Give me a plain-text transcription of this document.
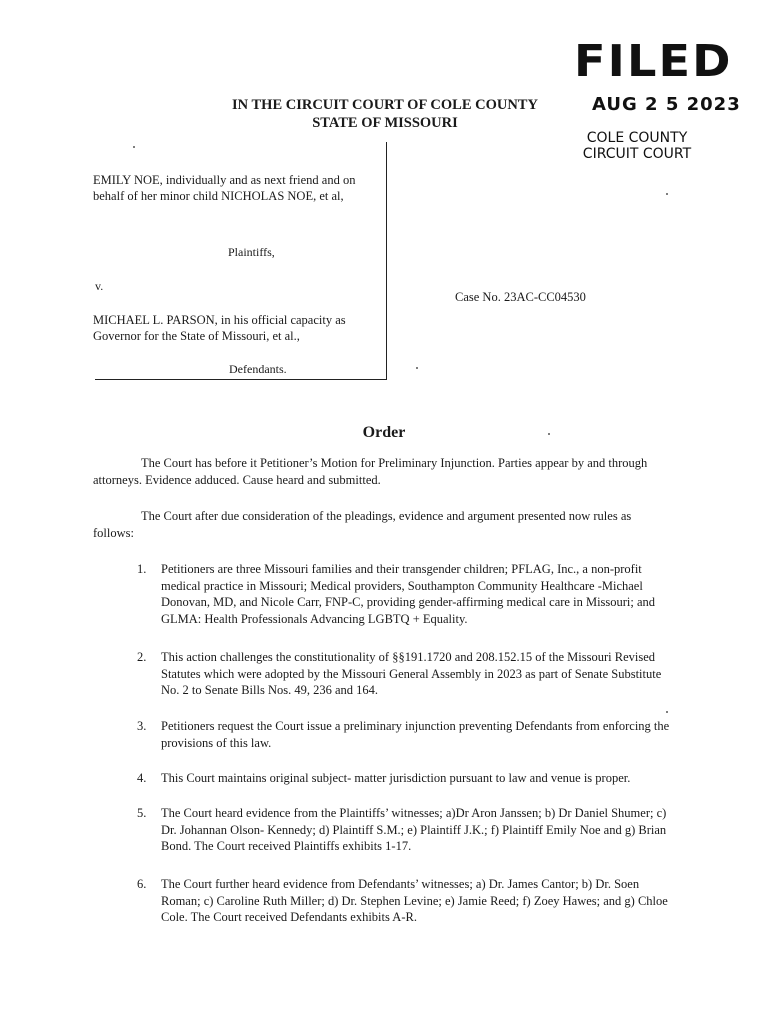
FILED
AUG 2 5 2023
COLE COUNTY
CIRCUIT COURT
IN THE CIRCUIT COURT OF COLE COUNTY
STATE OF MISSOURI
EMILY NOE, individually and as next friend and on behalf of her minor child NICHOLAS NOE, et al,
Plaintiffs,
v.
MICHAEL L. PARSON, in his official capacity as Governor for the State of Missouri, et al.,
Defendants.
Case No. 23AC-CC04530
Order
The Court has before it Petitioner’s Motion for Preliminary Injunction. Parties appear by and through attorneys. Evidence adduced. Cause heard and submitted.
The Court after due consideration of the pleadings, evidence and argument presented now rules as follows:
1.	Petitioners are three Missouri families and their transgender children; PFLAG, Inc., a non-profit medical practice in Missouri; Medical providers, Southampton Community Healthcare -Michael Donovan, MD, and Nicole Carr, FNP-C, providing gender-affirming medical care in Missouri; and GLMA: Health Professionals Advancing LGBTQ + Equality.
2.	This action challenges the constitutionality of §§191.1720 and 208.152.15 of the Missouri Revised Statutes which were adopted by the Missouri General Assembly in 2023 as part of Senate Substitute No. 2 to Senate Bills Nos. 49, 236 and 164.
3.	Petitioners request the Court issue a preliminary injunction preventing Defendants from enforcing the provisions of this law.
4.	This Court maintains original subject- matter jurisdiction pursuant to law and venue is proper.
5.	The Court heard evidence from the Plaintiffs’ witnesses; a)Dr Aron Janssen; b) Dr Daniel Shumer; c) Dr. Johannan Olson- Kennedy; d) Plaintiff S.M.; e) Plaintiff J.K.; f) Plaintiff Emily Noe and g) Brian Bond. The Court received Plaintiffs exhibits 1-17.
6.	The Court further heard evidence from Defendants’ witnesses; a) Dr. James Cantor; b) Dr. Soen Roman; c) Caroline Ruth Miller; d) Dr. Stephen Levine; e) Jamie Reed; f) Zoey Hawes; and g) Chloe Cole. The Court received Defendants exhibits A-R.
